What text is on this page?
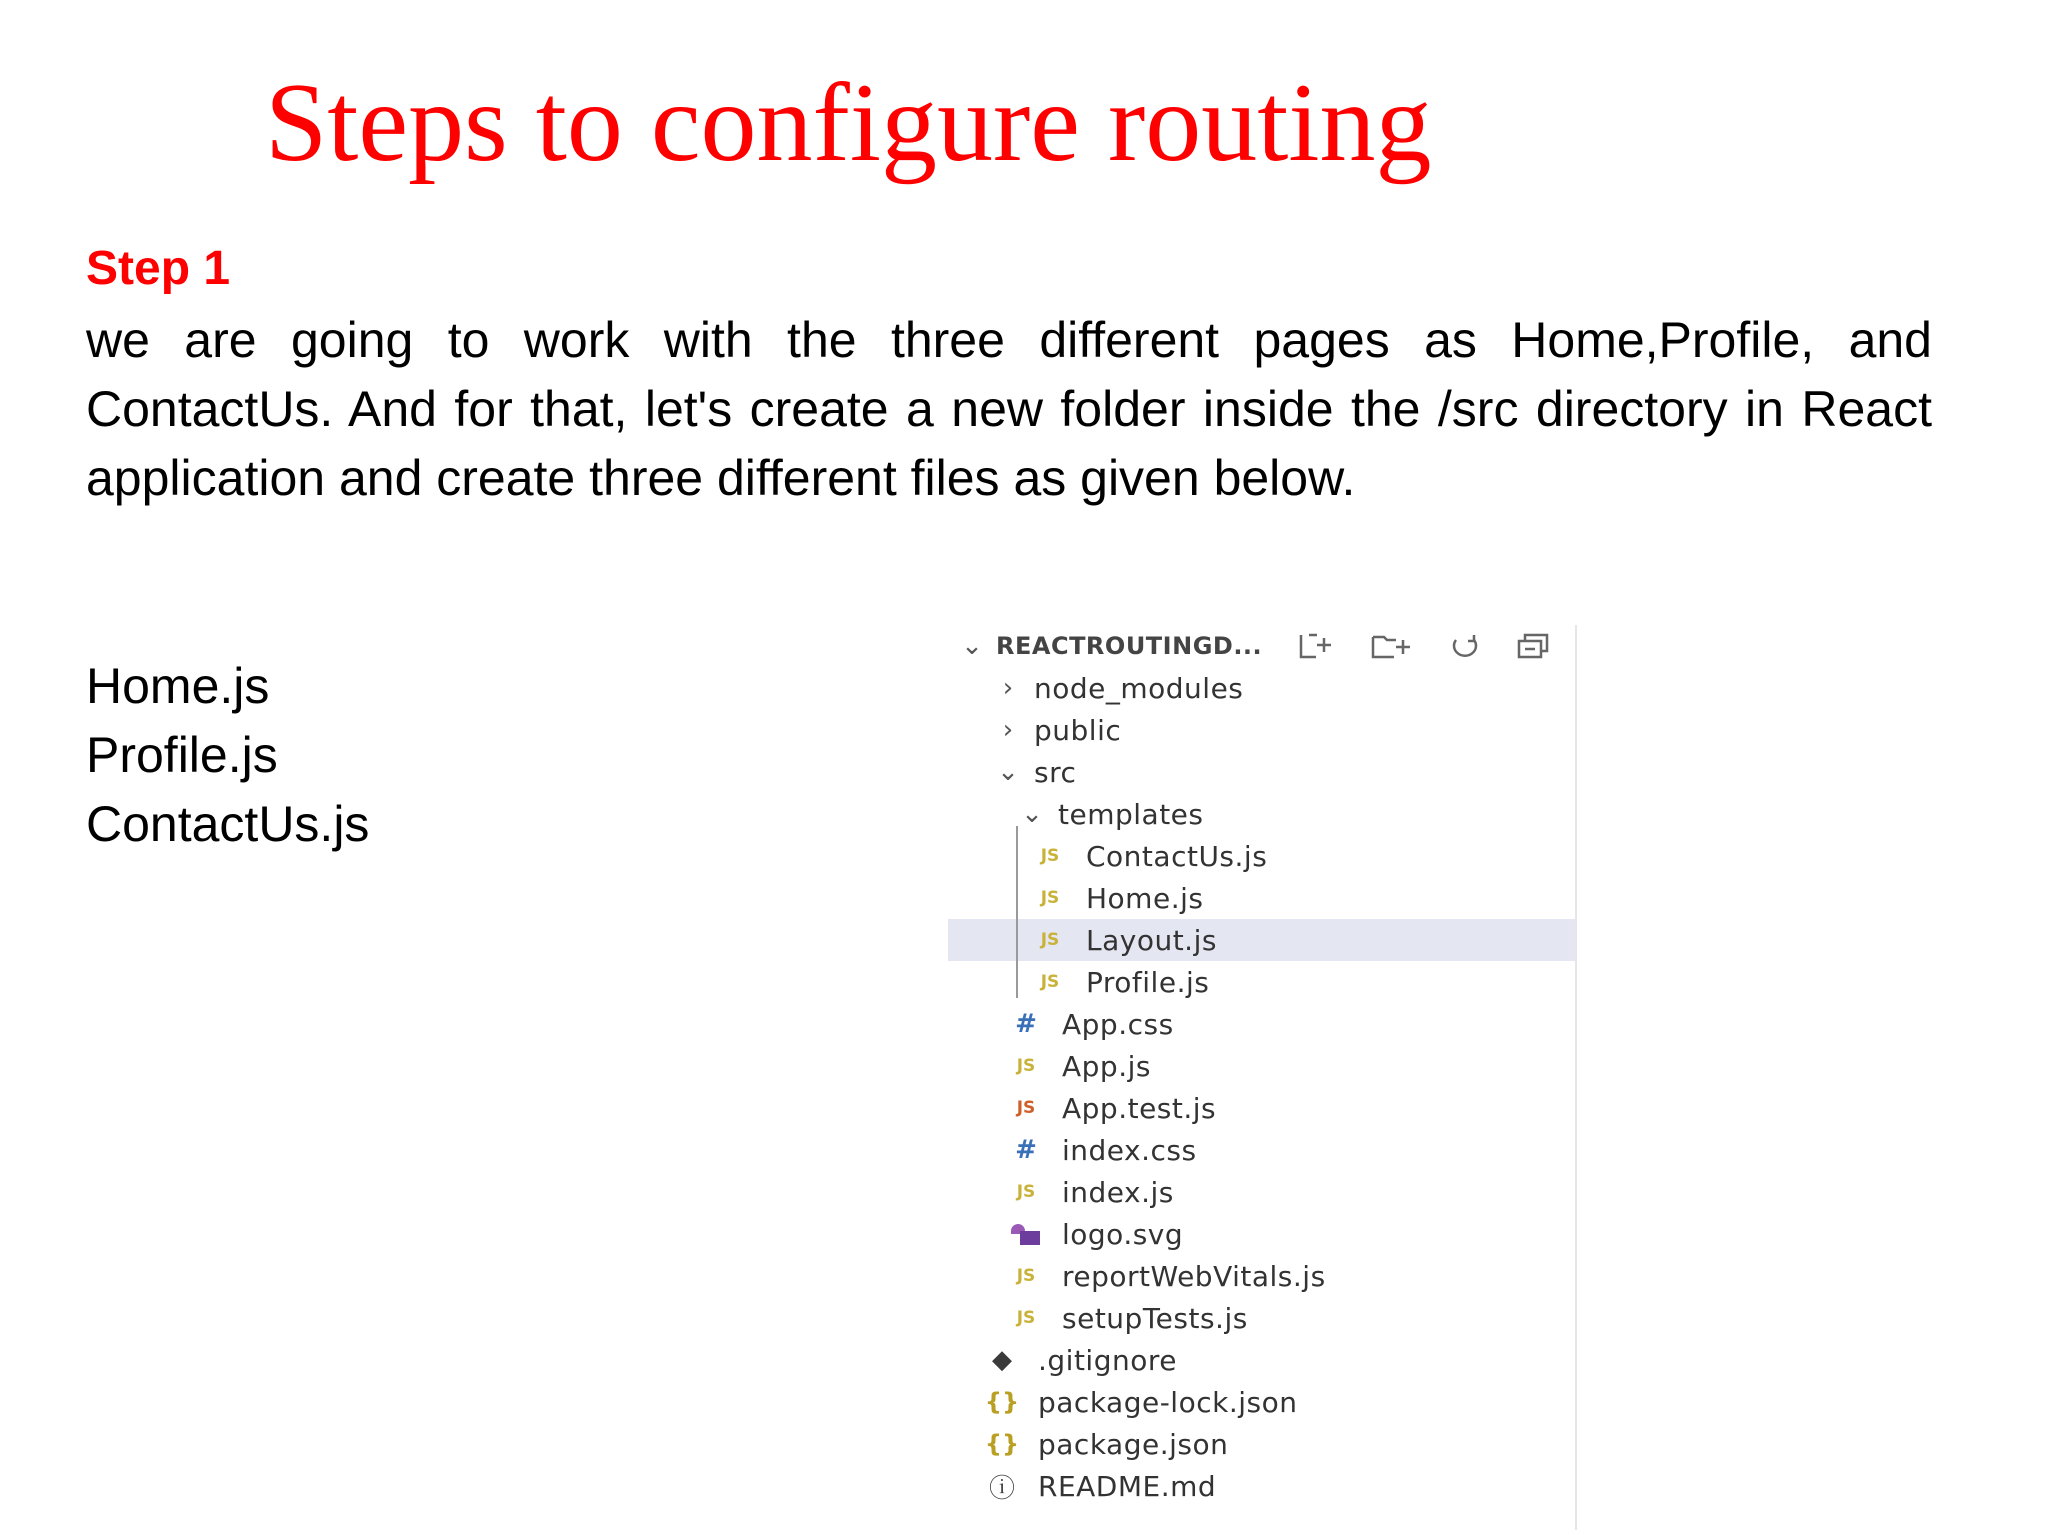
Steps to configure routing
Step 1
we are going to work with the three different pages as Home,Profile, and ContactUs. And for that, let's create a new folder inside the /src directory in React application and create three different files as given below.
Home.js
Profile.js
ContactUs.js
⌄ REACTROUTINGD...
› node_modules
› public
⌄ src
⌄ templates
JS ContactUs.js
JS Home.js
JS Layout.js
JS Profile.js
# App.css
JS App.js
JS App.test.js
# index.css
JS index.js
logo.svg
JS reportWebVitals.js
JS setupTests.js
◆ .gitignore
{} package-lock.json
{} package.json
ⓘ README.md
